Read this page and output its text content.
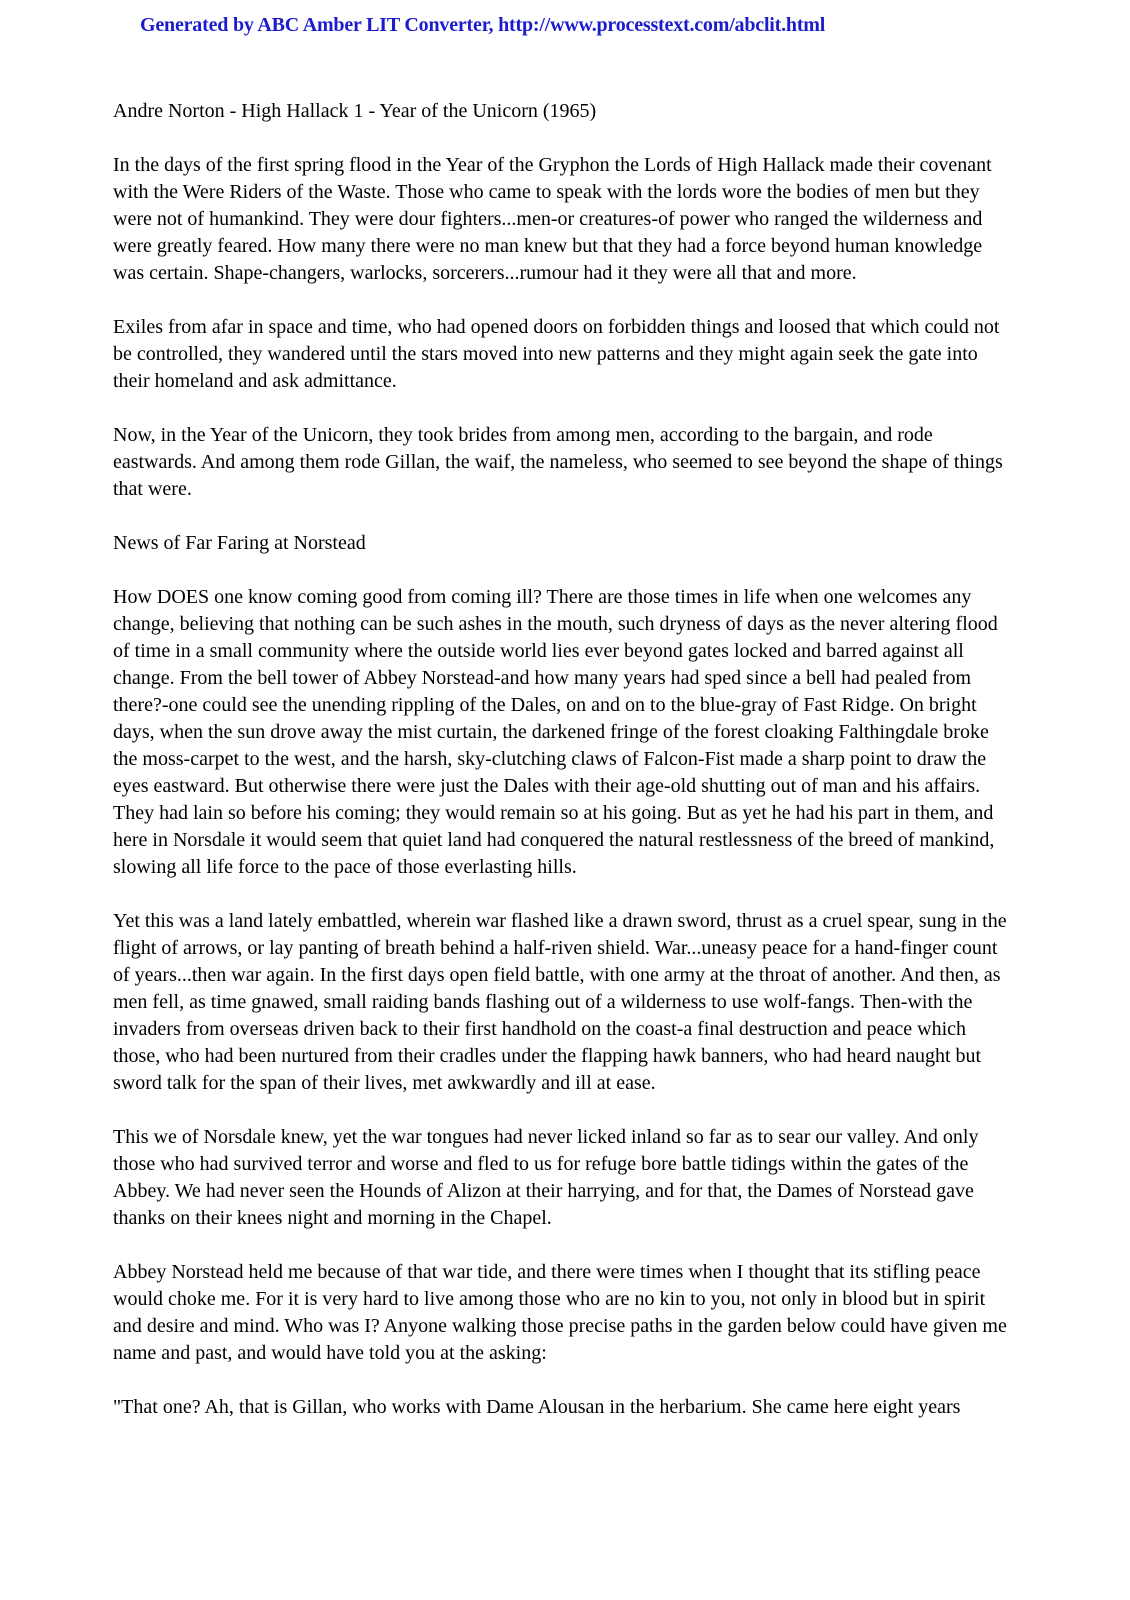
Generated by ABC Amber LIT Converter, http://www.processtext.com/abclit.html

Andre Norton - High Hallack 1 - Year of the Unicorn (1965)

In the days of the first spring flood in the Year of the Gryphon the Lords of High Hallack made their covenant with the Were Riders of the Waste. Those who came to speak with the lords wore the bodies of men but they were not of humankind. They were dour fighters...men-or creatures-of power who ranged the wilderness and were greatly feared. How many there were no man knew but that they had a force beyond human knowledge was certain. Shape-changers, warlocks, sorcerers...rumour had it they were all that and more.

Exiles from afar in space and time, who had opened doors on forbidden things and loosed that which could not be controlled, they wandered until the stars moved into new patterns and they might again seek the gate into their homeland and ask admittance.

Now, in the Year of the Unicorn, they took brides from among men, according to the bargain, and rode eastwards. And among them rode Gillan, the waif, the nameless, who seemed to see beyond the shape of things that were.

News of Far Faring at Norstead

How DOES one know coming good from coming ill? There are those times in life when one welcomes any change, believing that nothing can be such ashes in the mouth, such dryness of days as the never altering flood of time in a small community where the outside world lies ever beyond gates locked and barred against all change. From the bell tower of Abbey Norstead-and how many years had sped since a bell had pealed from there?-one could see the unending rippling of the Dales, on and on to the blue-gray of Fast Ridge. On bright days, when the sun drove away the mist curtain, the darkened fringe of the forest cloaking Falthingdale broke the moss-carpet to the west, and the harsh, sky-clutching claws of Falcon-Fist made a sharp point to draw the eyes eastward. But otherwise there were just the Dales with their age-old shutting out of man and his affairs. They had lain so before his coming; they would remain so at his going. But as yet he had his part in them, and here in Norsdale it would seem that quiet land had conquered the natural restlessness of the breed of mankind, slowing all life force to the pace of those everlasting hills.

Yet this was a land lately embattled, wherein war flashed like a drawn sword, thrust as a cruel spear, sung in the flight of arrows, or lay panting of breath behind a half-riven shield. War...uneasy peace for a hand-finger count of years...then war again. In the first days open field battle, with one army at the throat of another. And then, as men fell, as time gnawed, small raiding bands flashing out of a wilderness to use wolf-fangs. Then-with the invaders from overseas driven back to their first handhold on the coast-a final destruction and peace which those, who had been nurtured from their cradles under the flapping hawk banners, who had heard naught but sword talk for the span of their lives, met awkwardly and ill at ease.

This we of Norsdale knew, yet the war tongues had never licked inland so far as to sear our valley. And only those who had survived terror and worse and fled to us for refuge bore battle tidings within the gates of the Abbey. We had never seen the Hounds of Alizon at their harrying, and for that, the Dames of Norstead gave thanks on their knees night and morning in the Chapel.

Abbey Norstead held me because of that war tide, and there were times when I thought that its stifling peace would choke me. For it is very hard to live among those who are no kin to you, not only in blood but in spirit and desire and mind. Who was I? Anyone walking those precise paths in the garden below could have given me name and past, and would have told you at the asking:

"That one? Ah, that is Gillan, who works with Dame Alousan in the herbarium. She came here eight years
